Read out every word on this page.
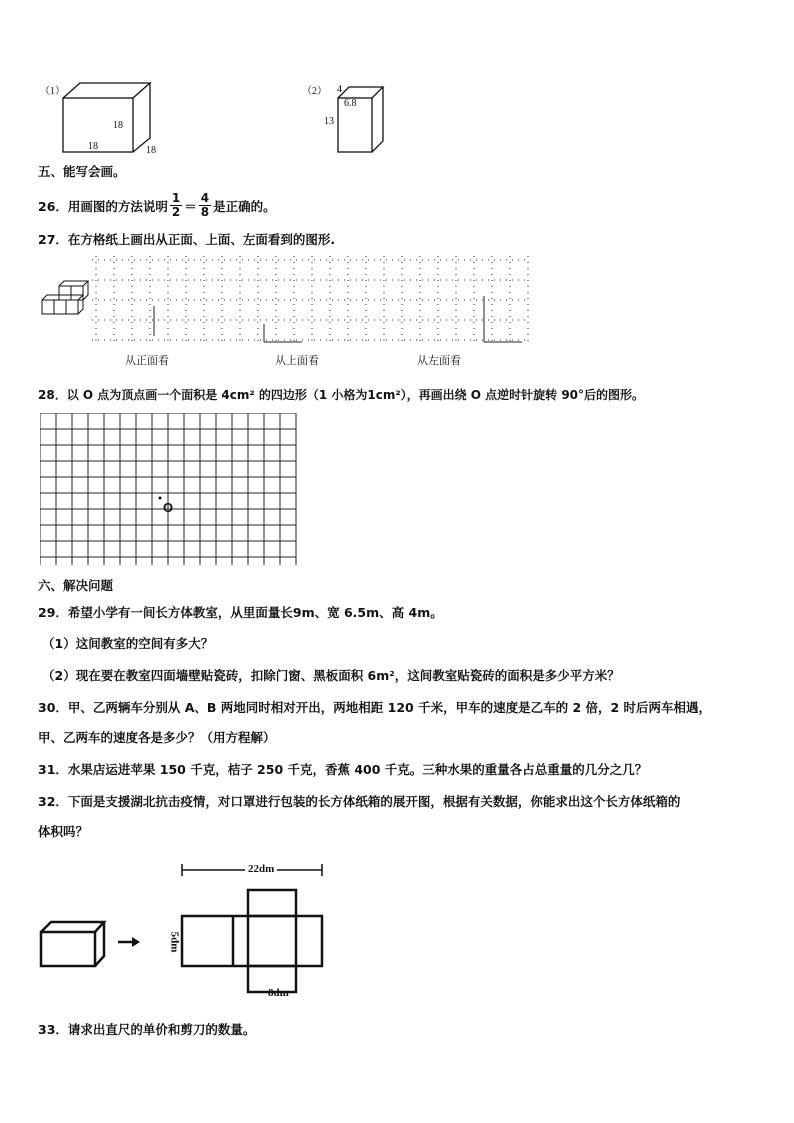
（1）
18
18	18
（2） 4
6.8
13
五、能写会画。
26．用画图的方法说明 $\frac{1}{2} = \frac{4}{8}$ 是正确的。
27．在方格纸上画出从正面、上面、左面看到的图形.
从正面看	从上面看	从左面看
28．以 O 点为顶点画一个面积是 4cm² 的四边形（1 小格为1cm²），再画出绕 O 点逆时针旋转 90°后的图形。
O
六、解决问题
29．希望小学有一间长方体教室，从里面量长9m、宽 6.5m、高 4m。
（1）这间教室的空间有多大？
（2）现在要在教室四面墙壁贴瓷砖，扣除门窗、黑板面积 6m²，这间教室贴瓷砖的面积是多少平方米？
30．甲、乙两辆车分别从 A、B 两地同时相对开出，两地相距 120 千米，甲车的速度是乙车的 2 倍，2 时后两车相遇，
甲、乙两车的速度各是多少？（用方程解）
31．水果店运进苹果 150 千克，桔子 250 千克，香蕉 400 千克。三种水果的重量各占总重量的几分之几？
32．下面是支援湖北抗击疫情，对口罩进行包装的长方体纸箱的展开图，根据有关数据，你能求出这个长方体纸箱的
体积吗？
22dm
5dm
8dm
33．请求出直尺的单价和剪刀的数量。
